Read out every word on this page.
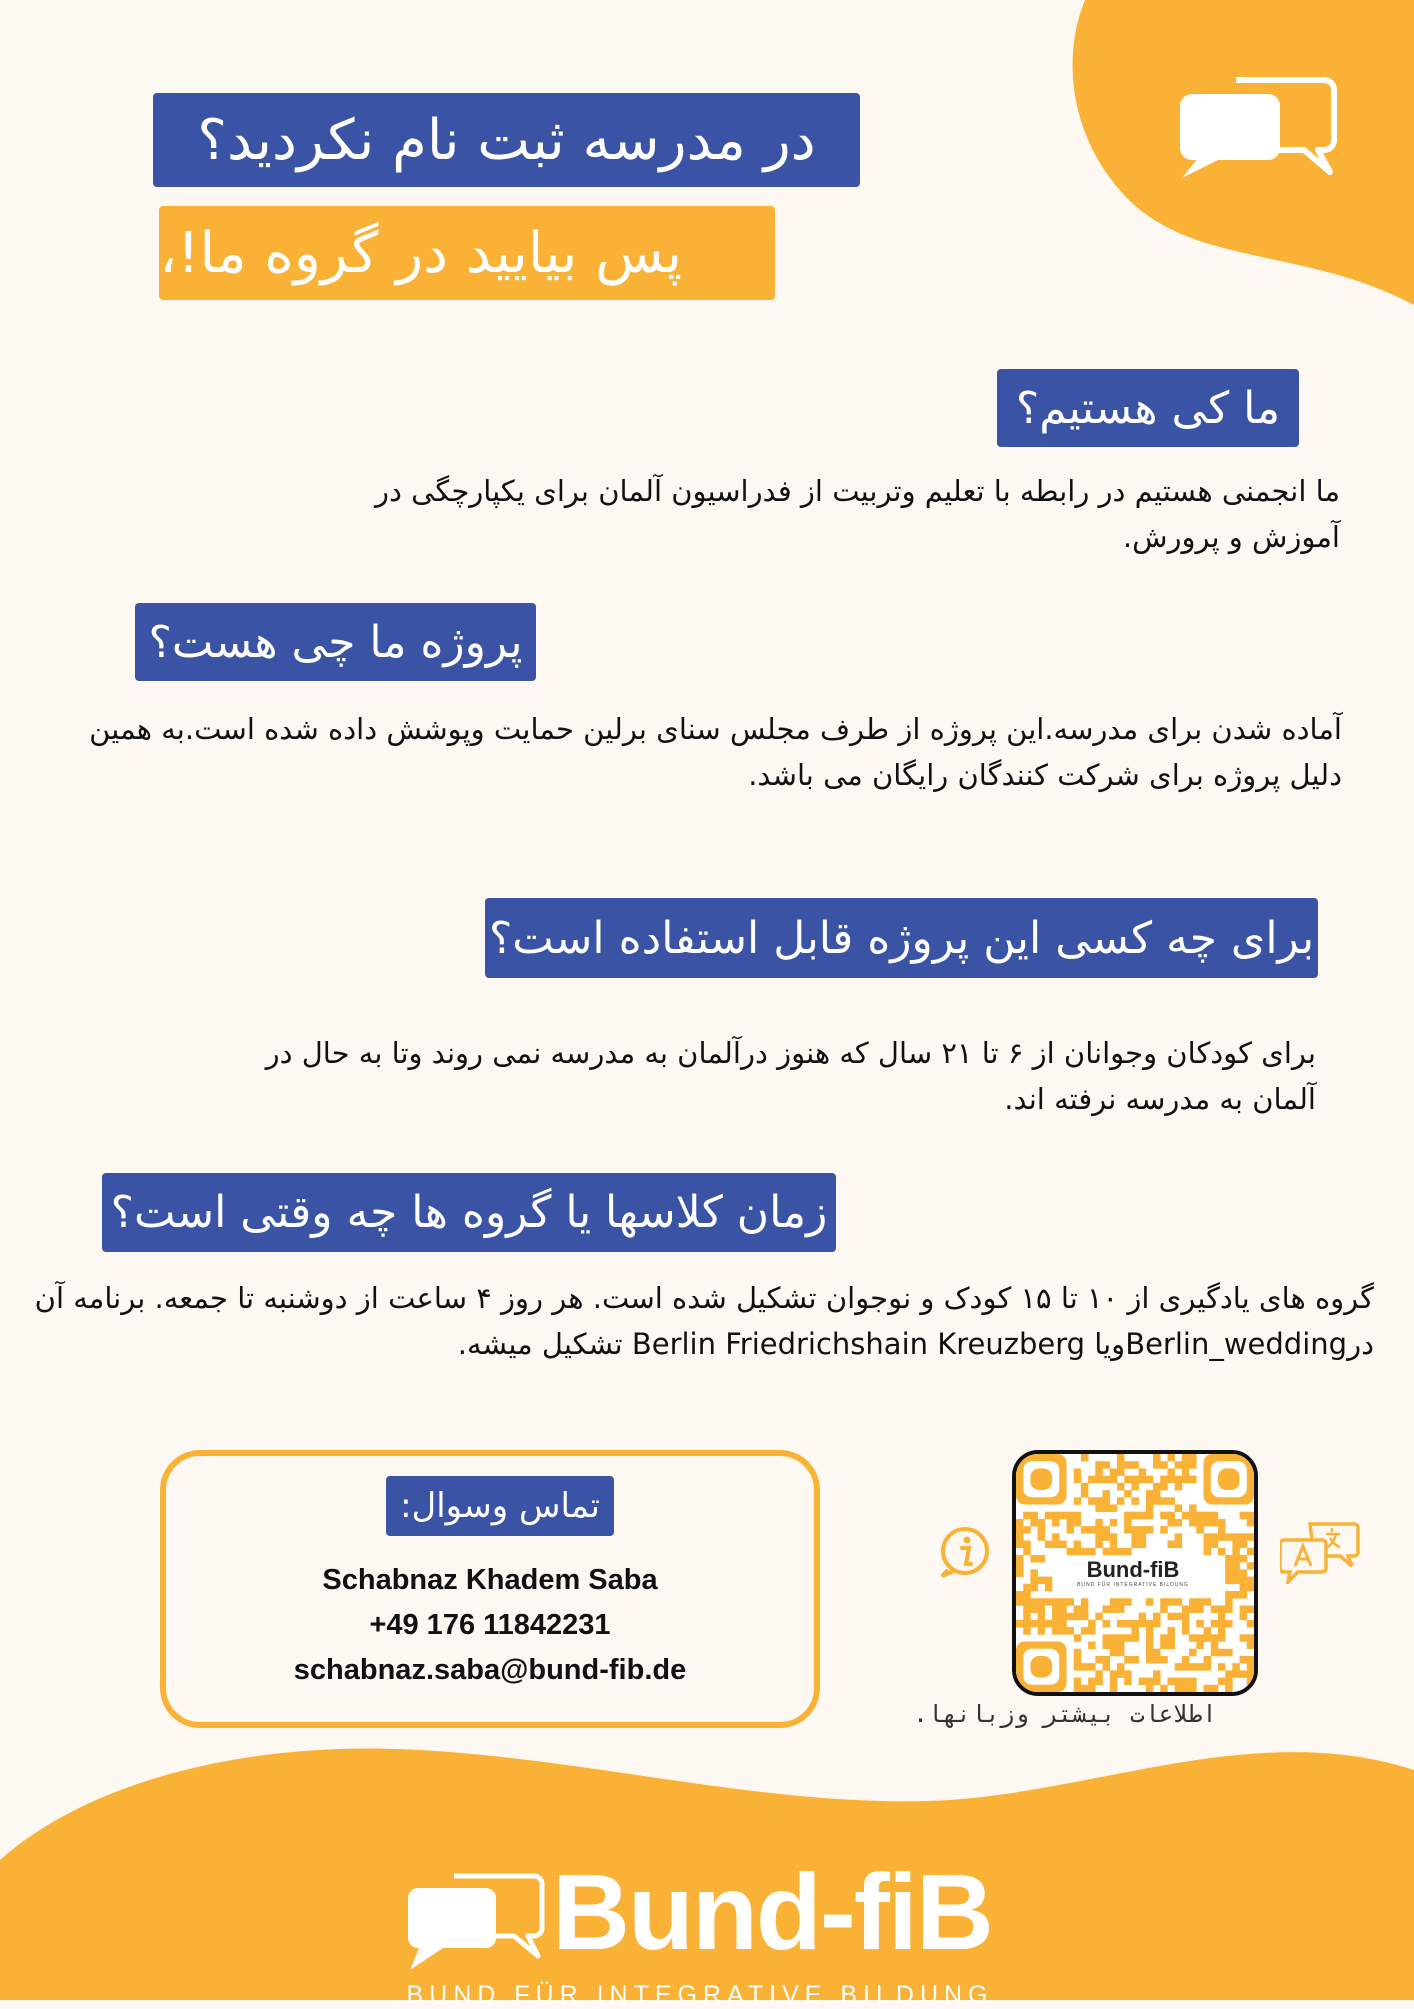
در مدرسه ثبت نام نکردید؟
پس بیایید در گروه ما!،
ما کی هستیم؟
ما انجمنی هستیم در رابطه با تعلیم وتربیت از فدراسیون آلمان برای یکپارچگی در
آموزش و پرورش.
پروژه ما چی هست؟
آماده شدن برای مدرسه.این پروژه از طرف مجلس سنای برلین حمایت وپوشش داده شده است.به همین
دلیل پروژه برای شرکت کنندگان رایگان می باشد.
برای چه کسی این پروژه قابل استفاده است؟
برای کودکان وجوانان از ۶ تا ۲۱ سال که هنوز درآلمان به مدرسه نمی روند وتا به حال در
آلمان به مدرسه نرفته اند.
زمان کلاسها یا گروه ها چه وقتی است؟
گروه های یادگیری از ۱۰ تا ۱۵ کودک و نوجوان تشکیل شده است. هر روز ۴ ساعت از دوشنبه تا جمعه. برنامه آن
درBerlin_weddingویا Berlin Friedrichshain Kreuzberg تشکیل میشه.
تماس وسوال:
Schabnaz Khadem Saba
+49 176 11842231
schabnaz.saba@bund-fib.de
Bund-fiB
BUND FÜR INTEGRATIVE BILDUNG
اطلاعات بیشتر وزبانها.
Bund-fiB
BUND FÜR INTEGRATIVE BILDUNG
